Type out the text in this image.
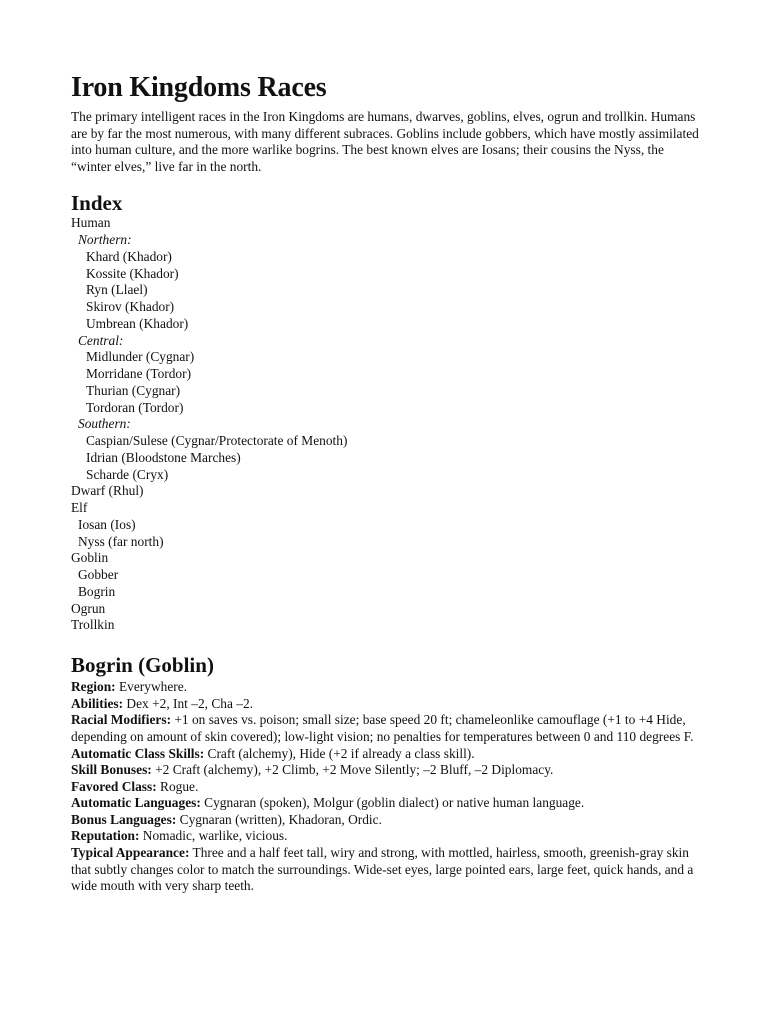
Iron Kingdoms Races

The primary intelligent races in the Iron Kingdoms are humans, dwarves, goblins, elves, ogrun and trollkin. Humans are by far the most numerous, with many different subraces. Goblins include gobbers, which have mostly assimilated into human culture, and the more warlike bogrins. The best known elves are Iosans; their cousins the Nyss, the “winter elves,” live far in the north.

Index
Human
Northern:
Khard (Khador)
Kossite (Khador)
Ryn (Llael)
Skirov (Khador)
Umbrean (Khador)
Central:
Midlunder (Cygnar)
Morridane (Tordor)
Thurian (Cygnar)
Tordoran (Tordor)
Southern:
Caspian/Sulese (Cygnar/Protectorate of Menoth)
Idrian (Bloodstone Marches)
Scharde (Cryx)
Dwarf (Rhul)
Elf
Iosan (Ios)
Nyss (far north)
Goblin
Gobber
Bogrin
Ogrun
Trollkin
Bogrin (Goblin)

Region: Everywhere.

Abilities: Dex +2, Int –2, Cha –2.

Racial Modifiers: +1 on saves vs. poison; small size; base speed 20 ft; chameleonlike camouflage (+1 to +4 Hide, depending on amount of skin covered); low-light vision; no penalties for temperatures between 0 and 110 degrees F.

Automatic Class Skills: Craft (alchemy), Hide (+2 if already a class skill).

Skill Bonuses: +2 Craft (alchemy), +2 Climb, +2 Move Silently; –2 Bluff, –2 Diplomacy.

Favored Class: Rogue.

Automatic Languages: Cygnaran (spoken), Molgur (goblin dialect) or native human language.

Bonus Languages: Cygnaran (written), Khadoran, Ordic.

Reputation: Nomadic, warlike, vicious.

Typical Appearance: Three and a half feet tall, wiry and strong, with mottled, hairless, smooth, greenish-gray skin that subtly changes color to match the surroundings. Wide-set eyes, large pointed ears, large feet, quick hands, and a wide mouth with very sharp teeth.
